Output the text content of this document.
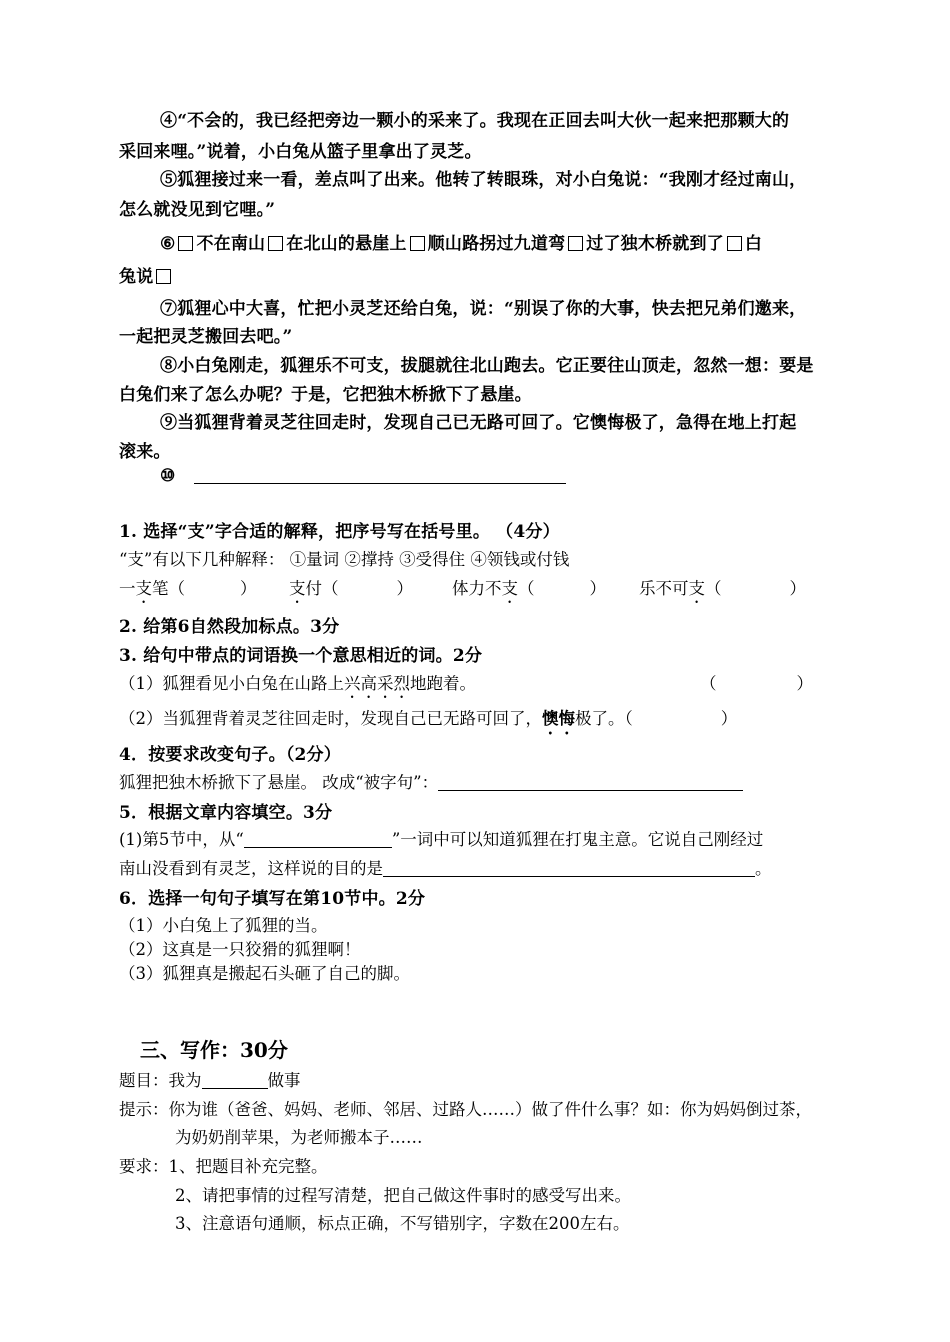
④“不会的，我已经把旁边一颗小的采来了。我现在正回去叫大伙一起来把那颗大的
采回来哩。”说着，小白兔从篮子里拿出了灵芝。
⑤狐狸接过来一看，差点叫了出来。他转了转眼珠，对小白兔说：“我刚才经过南山，
怎么就没见到它哩。”
⑥ 不在南山 在北山的悬崖上 顺山路拐过九道弯 过了独木桥就到了 白
兔说
⑦狐狸心中大喜，忙把小灵芝还给白兔，说：“别误了你的大事，快去把兄弟们邀来，
一起把灵芝搬回去吧。”
⑧小白兔刚走，狐狸乐不可支，拔腿就往北山跑去。它正要往山顶走，忽然一想：要是
白兔们来了怎么办呢？于是，它把独木桥掀下了悬崖。
⑨当狐狸背着灵芝往回走时，发现自己已无路可回了。它懊悔极了，急得在地上打起
滚来。
⑩
1. 选择“支”字合适的解释，把序号写在括号里。 （4分）
“支”有以下几种解释： ①量词 ②撑持 ③受得住 ④领钱或付钱
一支笔（	） 支付（	） 体力不支（	） 乐不可支（	）
2. 给第6自然段加标点。3分
3. 给句中带点的词语换一个意思相近的词。2分
（1）狐狸看见小白兔在山路上兴高采烈地跑着。	（	）
（2）当狐狸背着灵芝往回走时，发现自己已无路可回了，懊悔极了。（	）
4．按要求改变句子。（2分）
狐狸把独木桥掀下了悬崖。 改成“被字句”：
5．根据文章内容填空。3分
(1)第5节中，从“	”一词中可以知道狐狸在打鬼主意。它说自己刚经过
南山没看到有灵芝，这样说的目的是	。
6．选择一句句子填写在第10节中。2分
（1）小白兔上了狐狸的当。
（2）这真是一只狡猾的狐狸啊！
（3）狐狸真是搬起石头砸了自己的脚。
三、写作：30分
题目：我为	做事
提示：你为谁（爸爸、妈妈、老师、邻居、过路人……）做了件什么事？如：你为妈妈倒过茶，
为奶奶削苹果，为老师搬本子……
要求：1、把题目补充完整。
2、请把事情的过程写清楚，把自己做这件事时的感受写出来。
3、注意语句通顺，标点正确，不写错别字，字数在200左右。
